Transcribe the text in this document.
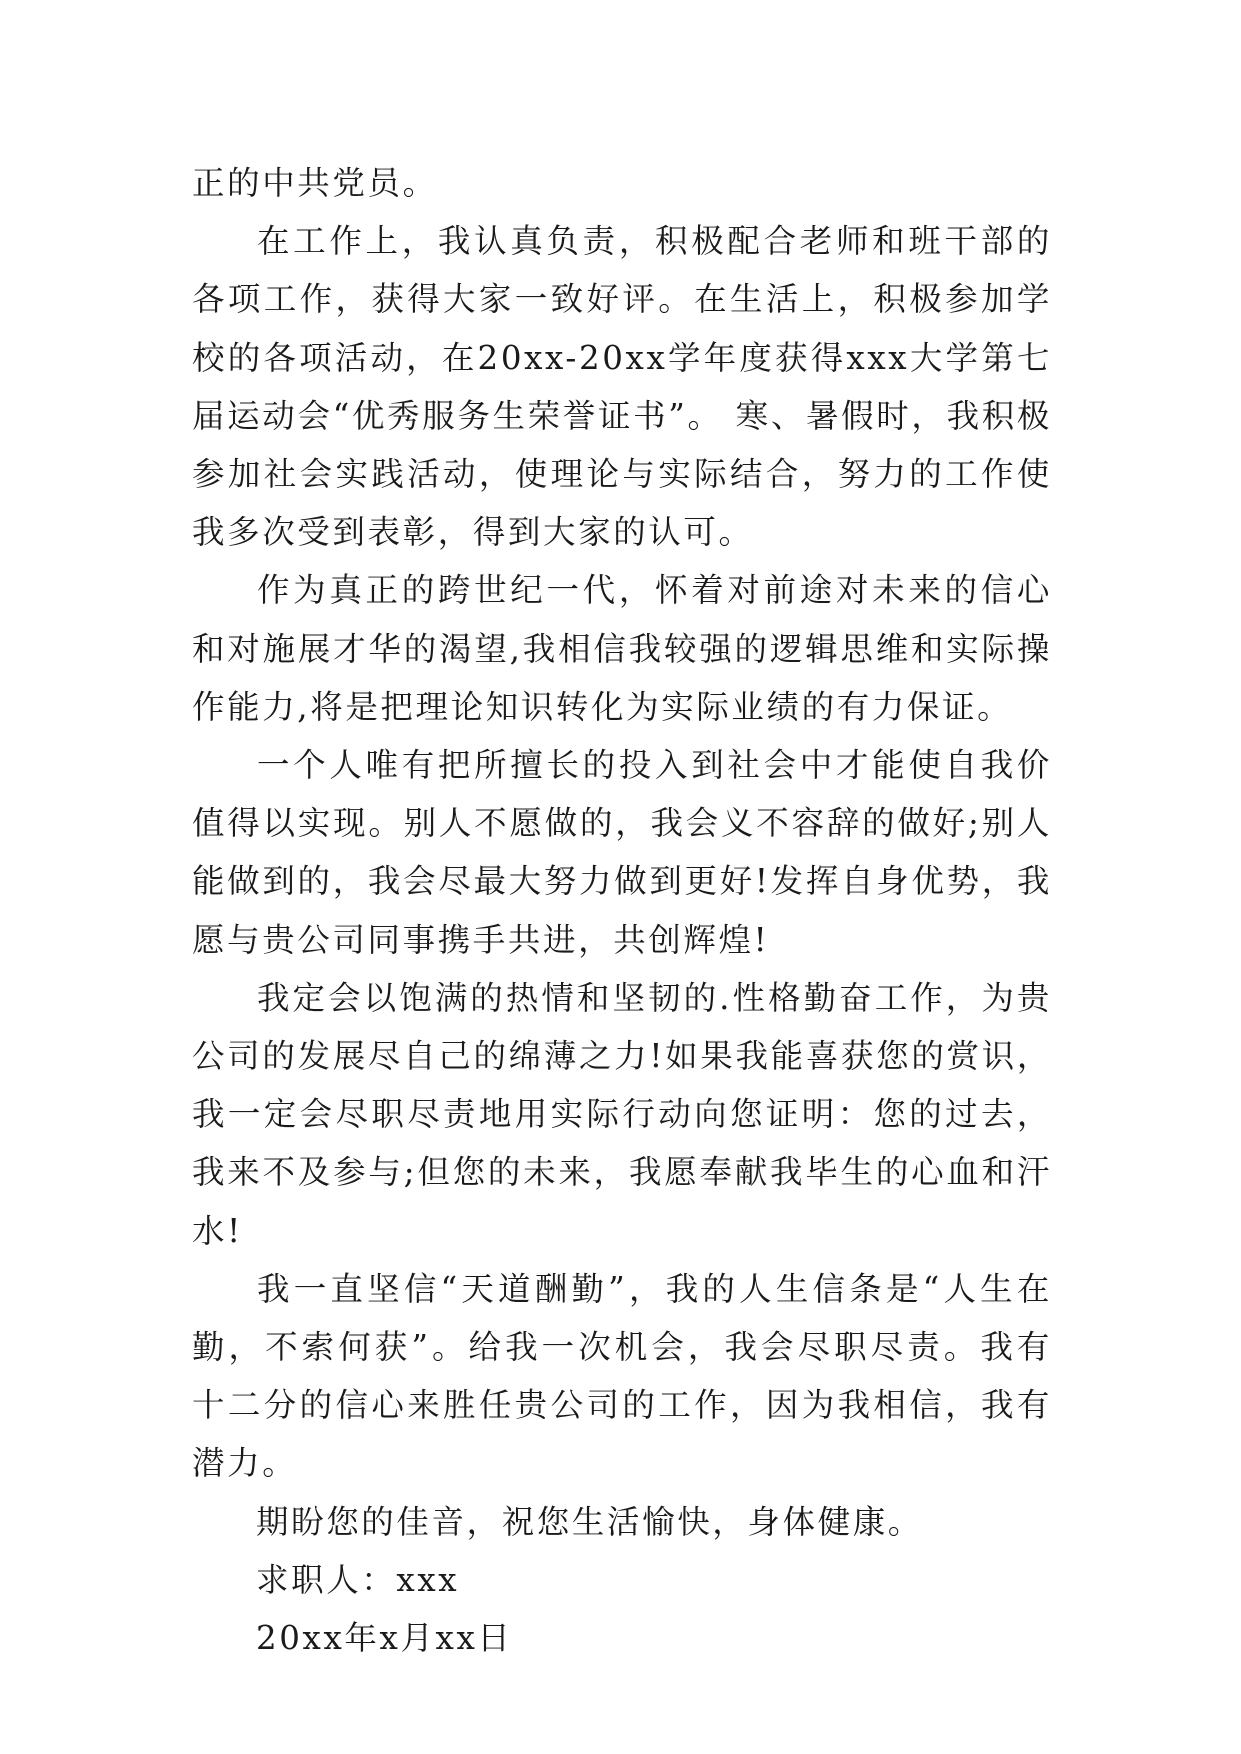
正的中共党员。

在工作上，我认真负责，积极配合老师和班干部的各项工作，获得大家一致好评。在生活上，积极参加学校的各项活动，在20xx-20xx学年度获得xxx大学第七届运动会“优秀服务生荣誉证书”。 寒、暑假时，我积极参加社会实践活动，使理论与实际结合，努力的工作使我多次受到表彰，得到大家的认可。

作为真正的跨世纪一代，怀着对前途对未来的信心和对施展才华的渴望,我相信我较强的逻辑思维和实际操作能力,将是把理论知识转化为实际业绩的有力保证。

一个人唯有把所擅长的投入到社会中才能使自我价值得以实现。别人不愿做的，我会义不容辞的做好;别人能做到的，我会尽最大努力做到更好!发挥自身优势，我愿与贵公司同事携手共进，共创辉煌!

我定会以饱满的热情和坚韧的.性格勤奋工作，为贵公司的发展尽自己的绵薄之力!如果我能喜获您的赏识，我一定会尽职尽责地用实际行动向您证明：您的过去，我来不及参与;但您的未来，我愿奉献我毕生的心血和汗水!

我一直坚信“天道酬勤”，我的人生信条是“人生在勤，不索何获”。给我一次机会，我会尽职尽责。我有十二分的信心来胜任贵公司的工作，因为我相信，我有潜力。

期盼您的佳音，祝您生活愉快，身体健康。

求职人：xxx

20xx年x月xx日
